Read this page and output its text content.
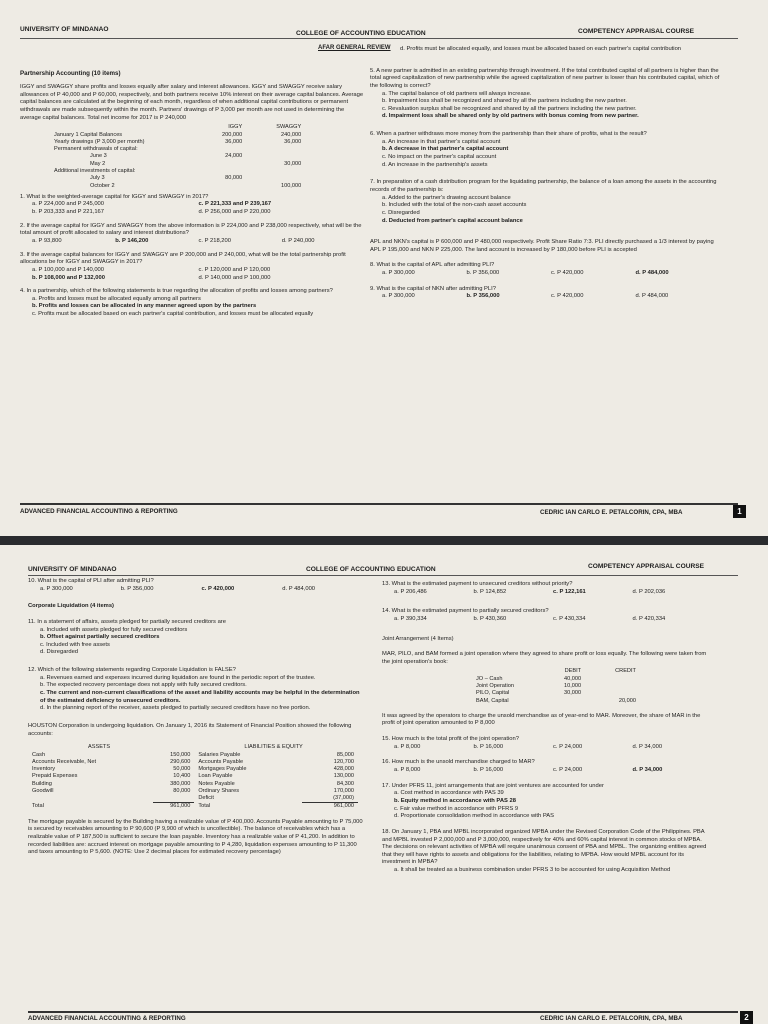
UNIVERSITY OF MINDANAO
COLLEGE OF ACCOUNTING EDUCATION	COMPETENCY APPRAISAL COURSE
AFAR GENERAL REVIEW
Partnership Accounting (10 items)

IGGY and SWAGGY share profits and losses equally after salary and interest allowances. IGGY and SWAGGY receive salary allowances of P 40,000 and P 60,000, respectively, and both partners receive 10% interest on their average capital balances. Average capital balances are calculated at the beginning of each month, regardless of when additional capital contributions or permanent withdrawals are made subsequently within the month. Partners' drawings of P 3,000 per month are not used in determining the average capital balances. Total net income for 2017 is P 240,000

	IGGY	SWAGGY
January 1 Capital Balances	200,000	240,000
Yearly drawings (P 3,000 per month)	36,000	36,000
Permanent withdrawals of capital:		
June 3	24,000	
May 2		30,000
Additional investments of capital:		
July 3	80,000	
October 2		100,000

1. What is the weighted-average capital for IGGY and SWAGGY in 2017?

a. P 224,000 and P 245,000	c. P 221,333 and P 239,167
b. P 203,333 and P 221,167	d. P 256,000 and P 220,000

2. If the average capital for IGGY and SWAGGY from the above information is P 224,000 and P 238,000 respectively, what will be the total amount of profit allocated to salary and interest distributions?

a. P 93,800	b. P 146,200	c. P 218,200	d. P 240,000

3. If the average capital balances for IGGY and SWAGGY are P 200,000 and P 240,000, what will be the total partnership profit allocations be for IGGY and SWAGGY in 2017?

a. P 100,000 and P 140,000	c. P 120,000 and P 120,000
b. P 108,000 and P 132,000	d. P 140,000 and P 100,000

4. In a partnership, which of the following statements is true regarding the allocation of profits and losses among partners?

a. Profits and losses must be allocated equally among all partners
b. Profits and losses can be allocated in any manner agreed upon by the partners
c. Profits must be allocated based on each partner's capital contribution, and losses must be allocated equally
d. Profits must be allocated equally, and losses must be allocated based on each partner's capital contribution

5. A new partner is admitted in an existing partnership through investment. If the total contributed capital of all partners is higher than the total agreed capitalization of new partnership while the agreed capitalization of new partner is lower than his contributed capital, which of the following is correct?

a. The capital balance of old partners will always increase.
b. Impairment loss shall be recognized and shared by all the partners including the new partner.
c. Revaluation surplus shall be recognized and shared by all the partners including the new partner.
d. Impairment loss shall be shared only by old partners with bonus coming from new partner.

6. When a partner withdraws more money from the partnership than their share of profits, what is the result?

a. An increase in that partner's capital account
b. A decrease in that partner's capital account
c. No impact on the partner's capital account
d. An increase in the partnership's assets

7. In preparation of a cash distribution program for the liquidating partnership, the balance of a loan among the assets in the accounting records of the partnership is:

a. Added to the partner's drawing account balance
b. Included with the total of the non-cash asset accounts
c. Disregarded
d. Deducted from partner's capital account balance

APL and NKN's capital is P 600,000 and P 480,000 respectively. Profit Share Ratio 7:3. PLI directly purchased a 1/3 interest by paying APL P 195,000 and NKN P 225,000. The land account is increased by P 180,000 before PLI is accepted

8. What is the capital of APL after admitting PLI?

a. P 300,000	b. P 356,000	c. P 420,000	d. P 484,000

9. What is the capital of NKN after admitting PLI?

a. P 300,000	b. P 356,000	c. P 420,000	d. P 484,000
ADVANCED FINANCIAL ACCOUNTING & REPORTING	CEDRIC IAN CARLO E. PETALCORIN, CPA, MBA	1
UNIVERSITY OF MINDANAO	COLLEGE OF ACCOUNTING EDUCATION	COMPETENCY APPRAISAL COURSE

10. What is the capital of PLI after admitting PLI?

a. P 300,000	b. P 356,000	c. P 420,000	d. P 484,000
Corporate Liquidation (4 items)

11. In a statement of affairs, assets pledged for partially secured creditors are

a. Included with assets pledged for fully secured creditors
b. Offset against partially secured creditors
c. Included with free assets
d. Disregarded

12. Which of the following statements regarding Corporate Liquidation is FALSE?

a. Revenues earned and expenses incurred during liquidation are found in the periodic report of the trustee.
b. The expected recovery percentage does not apply with fully secured creditors.
c. The current and non-current classifications of the asset and liability accounts may be helpful in the determination of the estimated deficiency to unsecured creditors.
d. In the planning report of the receiver, assets pledged to partially secured creditors have no free portion.

HOUSTON Corporation is undergoing liquidation. On January 1, 2016 its Statement of Financial Position showed the following accounts:

ASSETS		LIABILITIES & EQUITY	
Cash	150,000	Salaries Payable	85,000
Accounts Receivable, Net	290,600	Accounts Payable	120,700
Inventory	50,000	Mortgages Payable	428,000
Prepaid Expenses	10,400	Loan Payable	130,000
Building	380,000	Notes Payable	84,300
Goodwill	80,000	Ordinary Shares	170,000
		Deficit	(37,000)
Total	961,000	Total	961,000

The mortgage payable is secured by the Building having a realizable value of P 400,000. Accounts Payable amounting to P 75,000 is secured by receivables amounting to P 90,600 (P 9,900 of which is uncollectible). The balance of receivables which has a realizable value of P 187,500 is sufficient to secure the loan payable. Inventory has a realizable value of P 41,200. In addition to recorded liabilities are: accrued interest on mortgage payable amounting to P 4,280, liquidation expenses amounting to P 11,300 and taxes amounting to P 5,600. (NOTE: Use 2 decimal places for estimated recovery percentage)

13. What is the estimated payment to unsecured creditors without priority?

a. P 206,486	b. P 124,852	c. P 122,161	d. P 202,036

14. What is the estimated payment to partially secured creditors?

a. P 390,334	b. P 430,360	c. P 430,334	d. P 420,334
Joint Arrangement (4 Items)

MAR, PILO, and BAM formed a joint operation where they agreed to share profit or loss equally. The following were taken from the joint operation's book:

	DEBIT	CREDIT
JO – Cash	40,000	
Joint Operation	10,000	
PILO, Capital	30,000	
BAM, Capital		20,000

It was agreed by the operators to charge the unsold merchandise as of year-end to MAR. Moreover, the share of MAR in the profit of joint operation amounted to P 8,000

15. How much is the total profit of the joint operation?

a. P 8,000	b. P 16,000	c. P 24,000	d. P 34,000

16. How much is the unsold merchandise charged to MAR?

a. P 8,000	b. P 16,000	c. P 24,000	d. P 34,000

17. Under PFRS 11, joint arrangements that are joint ventures are accounted for under

a. Cost method in accordance with PAS 39
b. Equity method in accordance with PAS 28
c. Fair value method in accordance with PFRS 9
d. Proportionate consolidation method in accordance with PAS

18. On January 1, PBA and MPBL incorporated organized MPBA under the Revised Corporation Code of the Philippines. PBA and MPBL invested P 2,000,000 and P 3,000,000, respectively for 40% and 60% capital interest in common stocks of MPBA. The decisions on relevant activities of MPBA will require unanimous consent of PBA and MPBL. The organizing entities agreed that they will have rights to assets and obligations for the liabilities, relating to MPBA. How would MPBL account for its investment in MPBA?

a. It shall be treated as a business combination under PFRS 3 to be accounted for using Acquisition Method
ADVANCED FINANCIAL ACCOUNTING & REPORTING	CEDRIC IAN CARLO E. PETALCORIN, CPA, MBA	2
